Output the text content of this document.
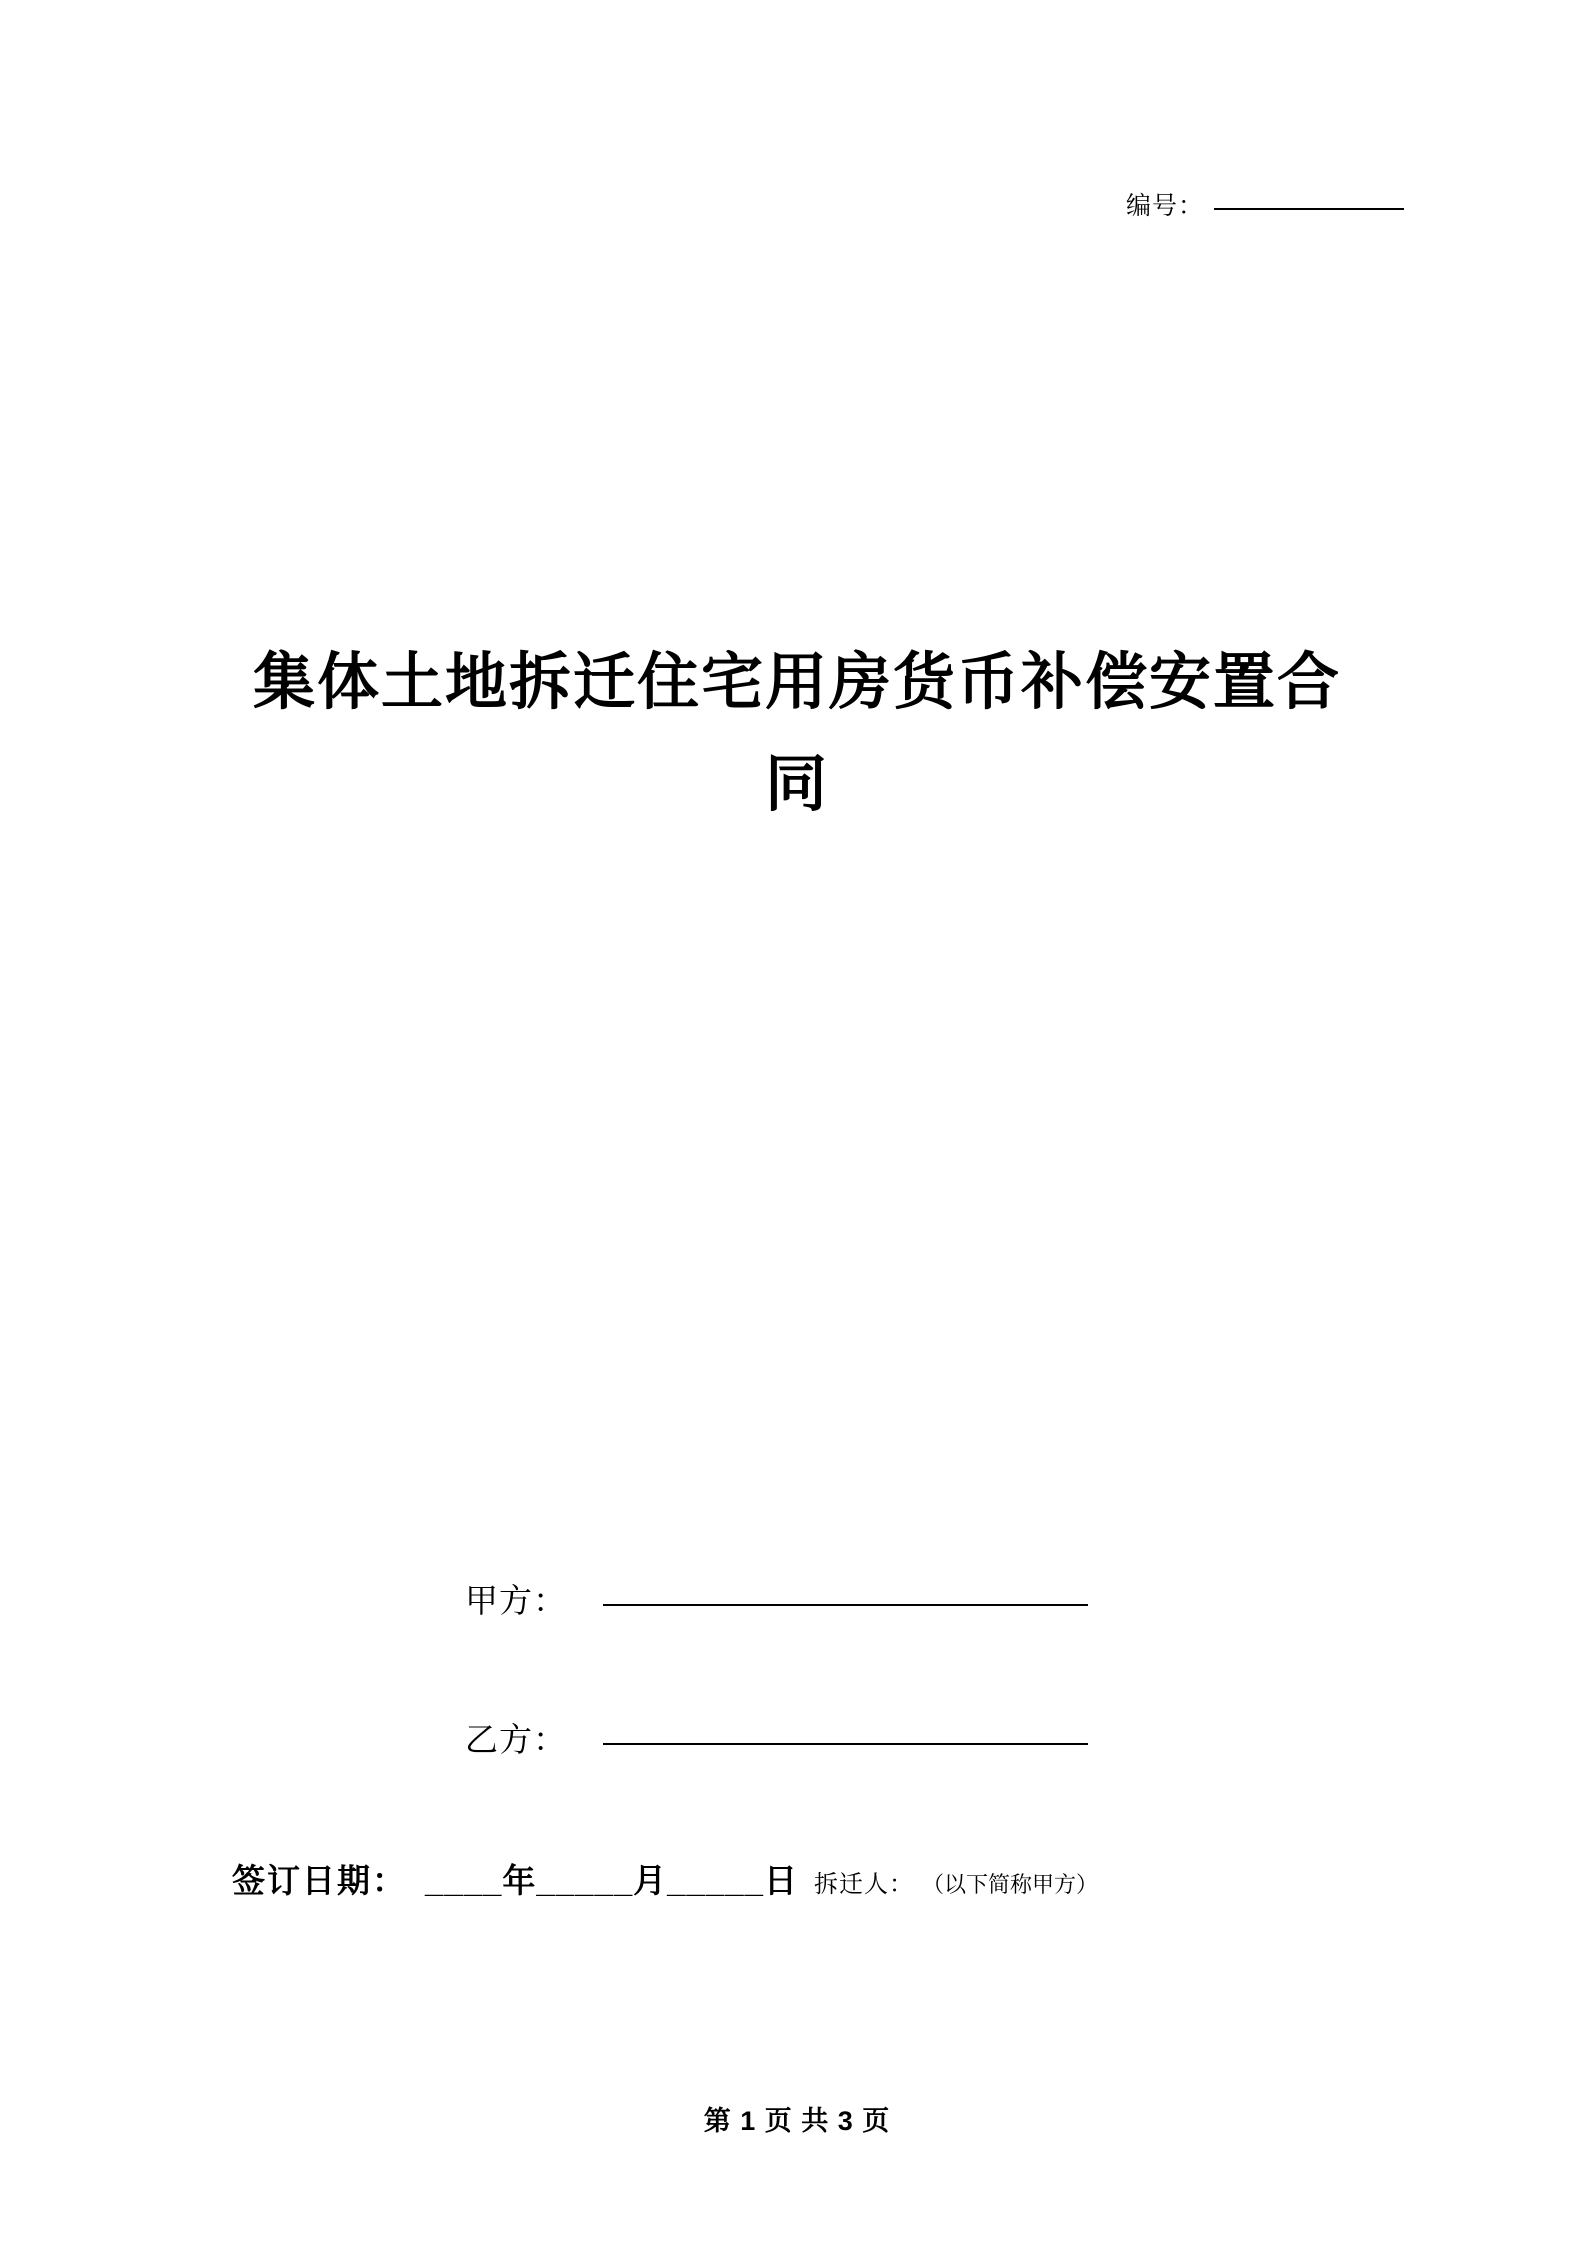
编号：
集体土地拆迁住宅用房货币补偿安置合同
甲方：
乙方：
签订日期： ____年_____月_____日 拆迁人： （以下简称甲方）
第 1 页 共 3 页
